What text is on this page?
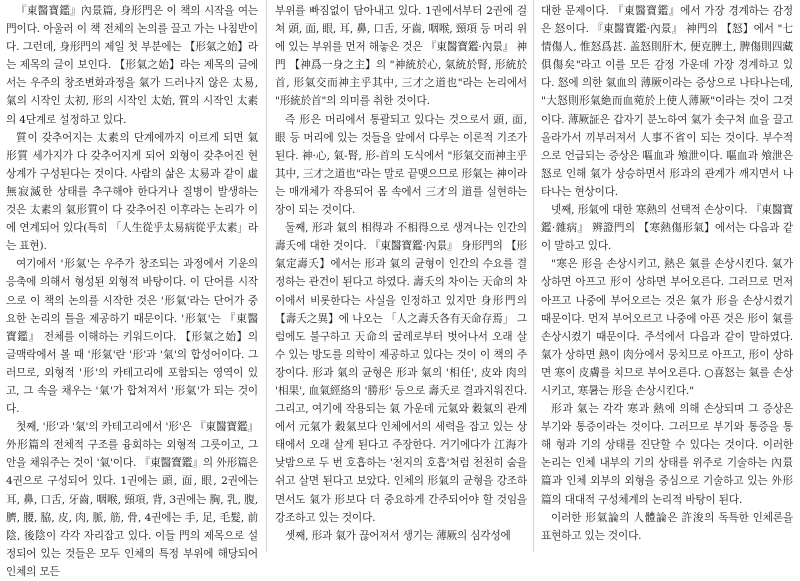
『東醫寶鑑』內景篇, 身形門은 이 책의 시작을 여는 門이다. 아울러 이 책 전체의 논의를 끌고 가는 나침반이다. 그런데, 身形門의 제일 첫 부분에는 【形氣之始】라는 제목의 글이 보인다. 【形氣之始】라는 제목의 글에서는 우주의 창조변화과정을 氣가 드러나지 않은 太易, 氣의 시작인 太初, 形의 시작인 太始, 質의 시작인 太素의 4단계로 설정하고 있다.

質이 갖추어지는 太素의 단계에까지 이르게 되면 氣形質 세가지가 다 갖추어지게 되어 외형이 갖추어진 현상계가 구성된다는 것이다. 사람의 삶은 太易과 같이 虛無寂滅한 상태를 추구해야 한다거나 질병이 발생하는 것은 太素의 氣形質이 다 갖추어진 이후라는 논리가 이에 연계되어 있다(특히 「人生從乎太易病從乎太素」라는 표현).

여기에서 '形氣'는 우주가 창조되는 과정에서 기운의 응축에 의해서 형성된 외형적 바탕이다. 이 단어를 시작으로 이 책의 논의를 시작한 것은 '形氣'라는 단어가 중요한 논리의 틀을 제공하기 때문이다. '形氣'는 『東醫寶鑑』 전체를 이해하는 키워드이다. 【形氣之始】의 글맥락에서 볼 때 '形氣'란 '形'과 '氣'의 합성어이다. 그러므로, 외형적 '形'의 카테고리에 포함되는 영역이 있고, 그 속을 채우는 '氣'가 합쳐져서 '形氣'가 되는 것이다.

첫째, '形'과 '氣'의 카테고리에서 '形'은 『東醫寶鑑』外形篇의 전체적 구조를 융회하는 외형적 그릇이고, 그 안을 채워주는 것이 '氣'이다. 『東醫寶鑑』의 外形篇은 4권으로 구성되어 있다. 1권에는 頭, 面, 眼, 2권에는 耳, 鼻, 口舌, 牙齒, 咽喉, 頸項, 背, 3권에는 胸, 乳, 腹, 臍, 腰, 脇, 皮, 肉, 脈, 筋, 骨, 4권에는 手, 足, 毛髮, 前陰, 後陰이 각각 자리잡고 있다. 이들 門의 제목으로 설정되어 있는 것들은 모두 인체의 특정 부위에 해당되어 인체의 모든

부위를 빠짐없이 담아내고 있다. 1권에서부터 2권에 걸쳐 頭, 面, 眼, 耳, 鼻, 口舌, 牙齒, 咽喉, 頸項 등 머리 위에 있는 부위를 먼저 해놓은 것은 『東醫寶鑑·內景』 神門 【神爲一身之主】의 "神統於心, 氣統於腎, 形統於首, 形氣交而神主乎其中, 三才之道也"라는 논리에서 "形統於首"의 의미를 취한 것이다.

즉 形은 머리에서 통괄되고 있다는 것으로서 頭, 面, 眼 등 머리에 있는 것들을 앞에서 다루는 이론적 기조가 된다. 神·心, 氣-腎, 形-首의 도식에서 "形氣交而神主乎其中, 三才之道也"라는 말로 끝맺으므로 形氣는 神이라는 매개체가 작용되어 몸 속에서 三才의 道를 실현하는 장이 되는 것이다.

둘째, 形과 氣의 相得과 不相得으로 생겨나는 인간의 壽夭에 대한 것이다. 『東醫寶鑑·內景』 身形門의 【形氣定壽夭】에서는 形과 氣의 균형이 인간의 수요를 결정하는 관건이 된다고 하였다. 壽夭의 차이는 天命의 차이에서 비롯한다는 사실을 인정하고 있지만 身形門의 【壽夭之異】에 나오는 「人之壽夭各有天命存焉」 그럼에도 불구하고 天命의 굴레로부터 벗어나서 오래 살 수 있는 방도를 의학이 제공하고 있다는 것이 이 책의 주장이다. 形과 氣의 균형은 形과 氣의 '相任', 皮와 肉의 '相果', 血氣經絡의 '勝形' 등으로 壽夭로 결과지워진다. 그리고, 여기에 작용되는 氣 가운데 元氣와 穀氣의 관계에서 元氣가 穀氣보다 인체에서의 세력을 잡고 있는 상태에서 오래 살게 된다고 주장한다. 거기에다가 江海가 낮밤으로 두 번 호흡하는 '천지의 호흡'처럼 천천히 숨을 쉬고 살면 된다고 보았다. 인체의 形氣의 균형을 강조하면서도 氣가 形보다 더 중요하게 간주되어야 할 것임을 강조하고 있는 것이다.

셋째, 形과 氣가 끊어져서 생기는 薄厥의 심각성에

대한 문제이다. 『東醫寶鑑』에서 가장 경계하는 감정은 怒이다. 『東醫寶鑑·內景』 神門의 【怒】에서 "七情傷人, 惟怒爲甚. 盖怒則肝木, 便克脾土, 脾傷則四藏俱傷矣"라고 이를 모든 감정 가운데 가장 경계하고 있다. 怒에 의한 氣血의 薄厥이라는 증상으로 나타나는데, "大怒則形氣絶而血菀於上使人薄厥"이라는 것이 그것이다. 薄厥証은 갑자기 분노하여 氣가 솟구쳐 血을 끌고 올라가서 끼부러져서 人事不省이 되는 것이다. 부수적으로 언급되는 증상은 嘔血과 飧泄이다. 嘔血과 飧泄은 怒로 인해 氣가 상승하면서 形과의 관계가 깨지면서 나타나는 현상이다.

넷째, 形氣에 대한 寒熱의 선택적 손상이다. 『東醫寶鑑·雜病』 辨證門의 【寒熱傷形氣】에서는 다음과 같이 말하고 있다.

"寒은 形을 손상시키고, 熱은 氣를 손상시킨다. 氣가 상하면 아프고 形이 상하면 부어오른다. 그러므로 먼저 아프고 나중에 부어오르는 것은 氣가 形을 손상시켰기 때문이다. 먼저 부어오르고 나중에 아픈 것은 形이 氣를 손상시켰기 때문이다. 주석에서 다음과 같이 말하였다. 氣가 상하면 熱이 肉分에서 뭉치므로 아프고, 形이 상하면 寒이 皮膚를 치므로 부어오른다. ○喜怒는 氣를 손상시키고, 寒暑는 形을 손상시킨다."

形과 氣는 각각 寒과 熱에 의해 손상되며 그 증상은 부기와 통증이라는 것이다. 그러므로 부기와 통증을 통해 형과 기의 상태를 진단할 수 있다는 것이다. 이러한 논리는 인체 내부의 기의 상태를 위주로 기술하는 內景篇과 인체 외부의 외형을 중심으로 기술하고 있는 外形篇의 대대적 구성체계의 논리적 바탕이 된다.

이러한 形氣論의 人體論은 許浚의 독특한 인체론을 표현하고 있는 것이다.
